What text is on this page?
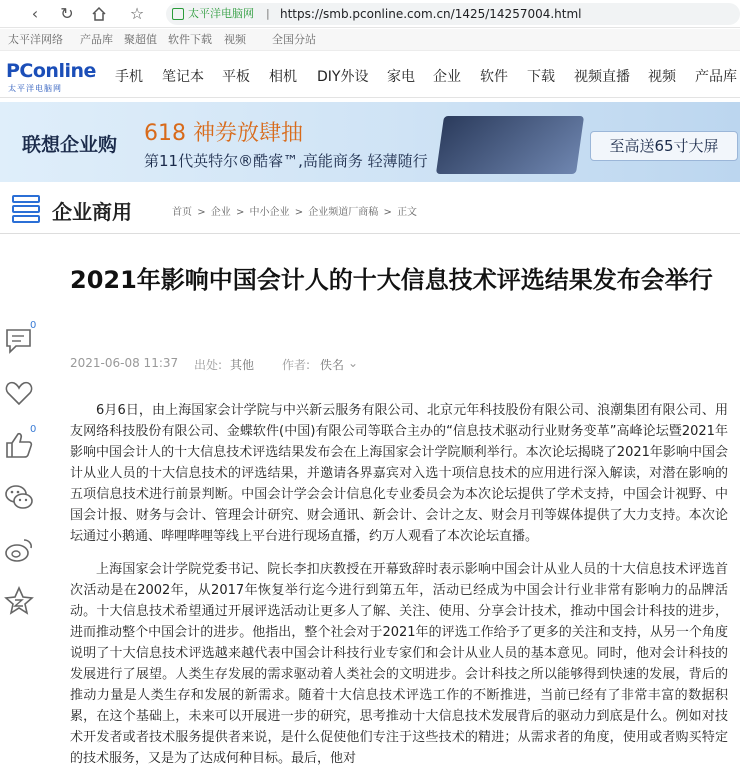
‹	↻	☆	太平洋电脑网 | https://smb.pconline.com.cn/1425/14257004.html
太平洋网络 产品库 聚超值 软件下载 视频 全国分站
PConline
太平洋电脑网
手机 笔记本 平板 相机 DIY外设 家电 企业 软件 下载 视频直播 视频 产品库
联想企业购 618 神券放肆抽
第11代英特尔®酷睿™,高能商务 轻薄随行
至高送65寸大屏
企业商用	首页 > 企业 > 中小企业 > 企业频道厂商稿 > 正文
0
0
2021年影响中国会计人的十大信息技术评选结果发布会举行
2021-06-08 11:37 出处: 其他 作者: 佚名 ⌄

6月6日，由上海国家会计学院与中兴新云服务有限公司、北京元年科技股份有限公司、浪潮集团有限公司、用友网络科技股份有限公司、金蝶软件(中国)有限公司等联合主办的“信息技术驱动行业财务变革”高峰论坛暨2021年影响中国会计人的十大信息技术评选结果发布会在上海国家会计学院顺利举行。本次论坛揭晓了2021年影响中国会计从业人员的十大信息技术的评选结果，并邀请各界嘉宾对入选十项信息技术的应用进行深入解读，对潜在影响的五项信息技术进行前景判断。中国会计学会会计信息化专业委员会为本次论坛提供了学术支持，中国会计视野、中国会计报、财务与会计、管理会计研究、财会通讯、新会计、会计之友、财会月刊等媒体提供了大力支持。本次论坛通过小鹅通、哔哩哔哩等线上平台进行现场直播，约万人观看了本次论坛直播。

上海国家会计学院党委书记、院长李扣庆教授在开幕致辞时表示影响中国会计从业人员的十大信息技术评选首次活动是在2002年，从2017年恢复举行迄今进行到第五年，活动已经成为中国会计行业非常有影响力的品牌活动。十大信息技术希望通过开展评选活动让更多人了解、关注、使用、分享会计技术，推动中国会计科技的进步，进而推动整个中国会计的进步。他指出，整个社会对于2021年的评选工作给予了更多的关注和支持，从另一个角度说明了十大信息技术评选越来越代表中国会计科技行业专家们和会计从业人员的基本意见。同时，他对会计科技的发展进行了展望。人类生存发展的需求驱动着人类社会的文明进步。会计科技之所以能够得到快速的发展，背后的推动力量是人类生存和发展的新需求。随着十大信息技术评选工作的不断推进，当前已经有了非常丰富的数据积累，在这个基础上，未来可以开展进一步的研究，思考推动十大信息技术发展背后的驱动力到底是什么。例如对技术开发者或者技术服务提供者来说，是什么促使他们专注于这些技术的精进；从需求者的角度，使用或者购买特定的技术服务，又是为了达成何种目标。最后，他对
